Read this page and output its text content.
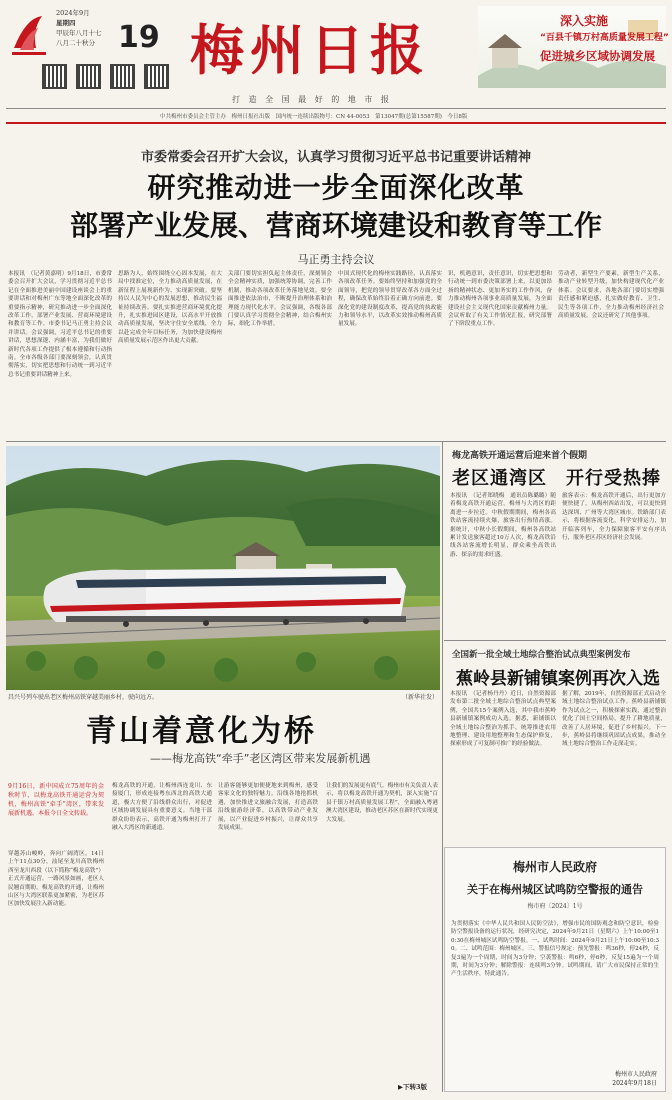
2024年9月
星期四
甲辰年八月十七
八月二十秋分 19 梅州日报
打 造 全 国 最 好 的 地 市 报
深入实施
“百县千镇万村高质量发展工程”
促进城乡区域协调发展
中共梅州市委员会主管主办　梅州日报社出版　国内统一连续出版物号：CN 44-0053　第13047期(总第15587期)　今日8版
市委常委会召开扩大会议，认真学习贯彻习近平总书记重要讲话精神
研究推动进一步全面深化改革
部署产业发展、营商环境建设和教育等工作
马正勇主持会议
本报讯　（记者黄嘉明）9月18日，市委常委会召开扩大会议，学习贯彻习近平总书记在全面推进美丽中国建设座谈会上的重要讲话和对梅州广东等地全面深化改革的重要指示精神，研究推动进一步全面深化改革工作，部署产业发展、营商环境建设和教育等工作。市委书记马正勇主持会议并讲话。会议强调，习近平总书记的重要讲话，思想深邃、内涵丰富，为我们做好新时代各项工作提供了根本遵循和行动指南。全市各级各部门要深刻领会，认真贯彻落实，切实把思想和行动统一到习近平总书记重要讲话精神上来。
思路为人，始终围绕立心固本发展，在大局中找准定位，全力推动高质量发展，在新征程上展现新作为、实现新突破。要坚持以人民为中心的发展思想，推动民生福祉持续改善。要扎实推进营商环境优化提升，扎实推进园区建设，以高水平开放推动高质量发展，坚决守住安全底线，全力以赴完成全年目标任务，为加快建设梅州高质量发展示范区作出更大贡献。
关部门要切实担负起主体责任，深刻领会全会精神实质，加强统筹协调，完善工作机制，推动各项改革任务落地见效。要全面推进依法治市，不断提升治理体系和治理能力现代化水平。会议强调，各级各部门要认真学习贯彻全会精神，结合梅州实际，细化工作举措。
中国式现代化的梅州实践路径，认真落实各项改革任务。要始终坚持和加强党的全面领导，把党的领导贯穿改革各方面全过程，确保改革始终沿着正确方向前进。要深化党的建设制度改革，提高党的执政能力和领导水平，以改革实效推动梅州高质量发展。
识，机遇意识，责任意识，切实把思想和行动统一到市委决策部署上来，以更加昂扬的精神状态、更加务实的工作作风，奋力推动梅州各项事业高质量发展，为全面建设社会主义现代化国家贡献梅州力量。会议听取了有关工作情况汇报，研究部署了下阶段重点工作。
劳动者，新型生产要素，新型生产关系，推动产业转型升级，加快构建现代化产业体系。会议要求，各地各部门要切实增强责任感和紧迫感，扎实做好教育、卫生、民生等各项工作，全力推动梅州经济社会高质量发展。会议还研究了其他事项。
昌兴号列车驶出老区梅州高铁穿越美丽乡村，驶向远方。	（新华社发）
青山着意化为桥
——梅龙高铁“牵手”老区湾区带来发展新机遇
9月16日，新中国成立75周年的金秋时节，以梅龙高铁开通运营为契机，梅州高铁“牵手”湾区，带来发展新机遇。本报今日全文转载。
穿越苏山峻岭，奔向广阔湾区。14日上午11点30分，汕尾至龙川高铁梅州西至龙川西段（以下简称“梅龙高铁”）正式开通运营。一路风景如画，老区人民翘首期盼。梅龙高铁的开通，让梅州山区与大湾区联系更加紧密，为老区苏区加快发展注入新动能。
梅龙高铁的开通，让梅州西连龙川、东接厦门，形成连接粤东西北的高铁大通道，极大方便了沿线群众出行，对促进区域协调发展具有重要意义。当地干部群众纷纷表示，高铁开通为梅州打开了融入大湾区的新通道。
让游客能够更加便捷地来到梅州，感受客家文化的独特魅力。沿线各地抢抓机遇，加快推进文旅融合发展，打造高铁沿线旅游经济带，以高铁带动产业发展，以产业促进乡村振兴，让群众共享发展成果。
让我们的发展更有底气。梅州市有关负责人表示，将以梅龙高铁开通为契机，深入实施“百县千镇万村高质量发展工程”，全面融入粤港澳大湾区建设，推动老区苏区在新时代实现更大发展。
▶下转3版
梅龙高铁开通运营后迎来首个假期
老区通湾区　开行受热捧
本报讯　（记者郑晓梅　通讯员陈璐璐）随着梅龙高铁开通运营，梅州与大湾区的距离进一步拉近。中秋假期期间，梅州各高铁站客流持续火爆，旅客出行热情高涨。据统计，中秋小长假期间，梅州各高铁站累计发送旅客超过10万人次，梅龙高铁沿线各站客流增长明显，群众乘坐高铁出游、探亲的需求旺盛。
旅客表示：梅龙高铁开通后，出行更加方便快捷了，从梅州西站出发，可以更快到达深圳、广州等大湾区城市。铁路部门表示，将根据客流变化，科学安排运力，加开临客列车，全力保障旅客平安有序出行，服务老区苏区经济社会发展。
全国新一批全域土地综合整治试点典型案例发布
蕉岭县新铺镇案例再次入选
本报讯　（记者杨丹丹）近日，自然资源部发布第二批全域土地综合整治试点典型案例，全国共15个案例入选，其中我市蕉岭县新铺镇案例成功入选。据悉，新铺镇以全域土地综合整治为抓手，统筹推进农用地整理、建设用地整理和生态保护修复，探索形成了可复制可推广的经验做法。
据了解，2019年，自然资源部正式启动全域土地综合整治试点工作。蕉岭县新铺镇作为试点之一，积极探索实践，通过整治优化了国土空间格局，提升了耕地质量，改善了人居环境，促进了乡村振兴。下一步，蕉岭县将继续巩固试点成果，推动全域土地综合整治工作走深走实。
梅州市人民政府
关于在梅州城区试鸣防空警报的通告
梅市府〔2024〕1号
为贯彻落实《中华人民共和国人民防空法》，增强市民的国防观念和防空意识，检验防空警报设备的运行状况，经研究决定，2024年9月21日（星期六）上午10:00至10:30在梅州城区试鸣防空警报。一、试鸣时间：2024年9月21日上午10:00至10:30。二、试鸣范围：梅州城区。三、警报信号规定：预先警报：鸣36秒，停24秒，反复3遍为一个周期，时间为3分钟；空袭警报：鸣6秒，停6秒，反复15遍为一个周期，时间为3分钟；解除警报：连续鸣3分钟。试鸣期间，请广大市民保持正常的生产生活秩序，特此通告。
梅州市人民政府
2024年9月18日
